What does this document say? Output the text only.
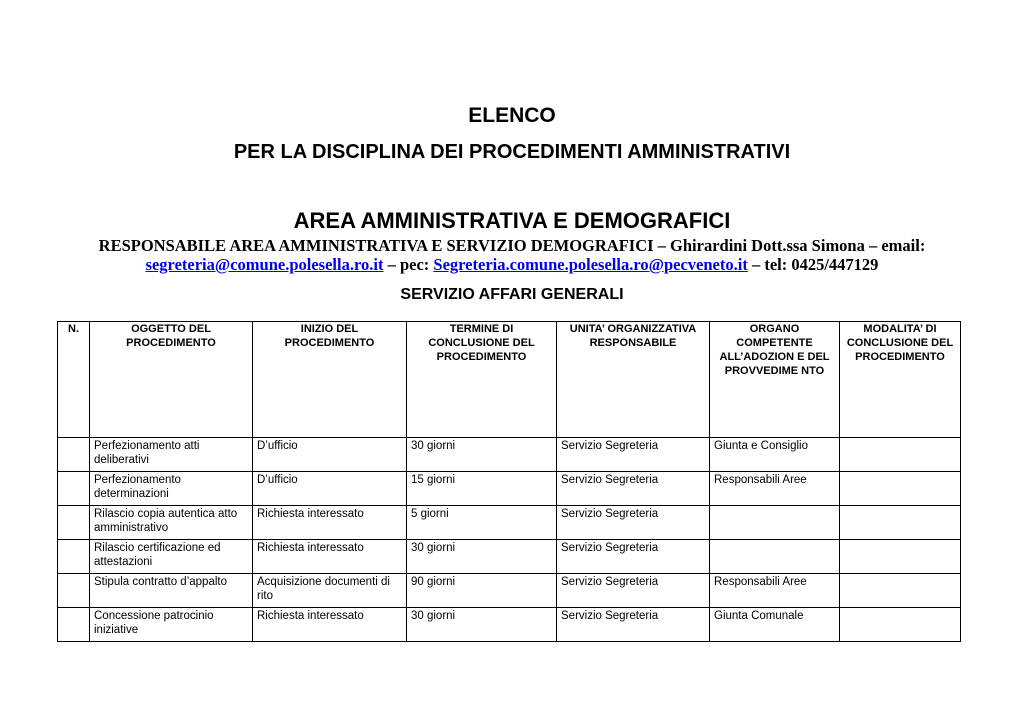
ELENCO
PER LA DISCIPLINA DEI PROCEDIMENTI AMMINISTRATIVI
AREA AMMINISTRATIVA E DEMOGRAFICI
RESPONSABILE AREA AMMINISTRATIVA E SERVIZIO DEMOGRAFICI – Ghirardini Dott.ssa Simona – email:
segreteria@comune.polesella.ro.it – pec: Segreteria.comune.polesella.ro@pecveneto.it – tel: 0425/447129
SERVIZIO AFFARI GENERALI
N.	OGGETTO DEL PROCEDIMENTO	INIZIO DEL PROCEDIMENTO	TERMINE DI CONCLUSIONE DEL PROCEDIMENTO	UNITA’ ORGANIZZATIVA RESPONSABILE	ORGANO COMPETENTE ALL’ADOZION E DEL PROVVEDIME NTO	MODALITA’ DI CONCLUSIONE DEL PROCEDIMENTO
	Perfezionamento atti deliberativi	D’ufficio	30 giorni	Servizio Segreteria	Giunta e Consiglio	
	Perfezionamento determinazioni	D’ufficio	15 giorni	Servizio Segreteria	Responsabili Aree	
	Rilascio copia autentica atto amministrativo	Richiesta interessato	5 giorni	Servizio Segreteria		
	Rilascio certificazione ed attestazioni	Richiesta interessato	30 giorni	Servizio Segreteria		
	Stipula contratto d’appalto	Acquisizione documenti di rito	90 giorni	Servizio Segreteria	Responsabili Aree	
	Concessione patrocinio iniziative	Richiesta interessato	30 giorni	Servizio Segreteria	Giunta Comunale	
